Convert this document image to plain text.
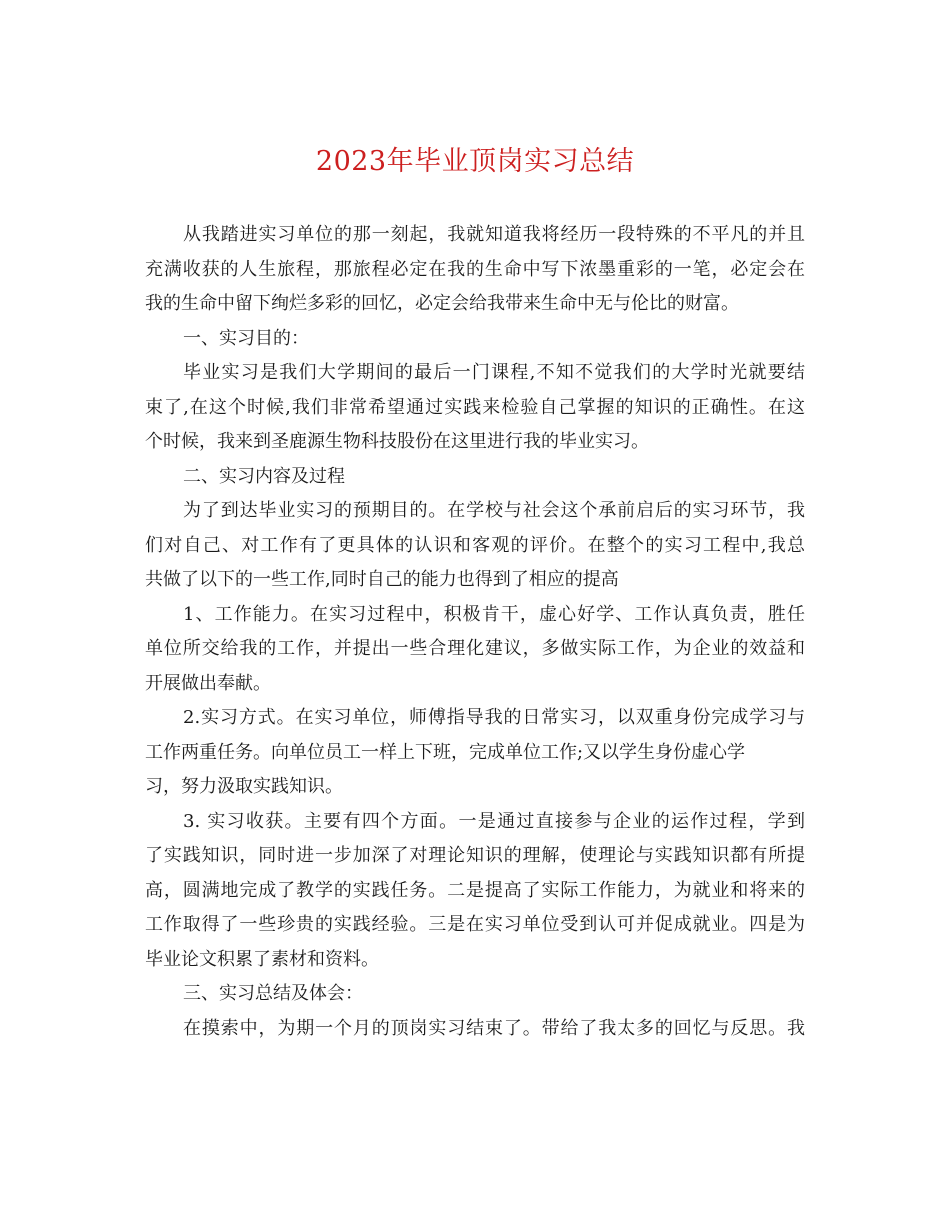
2023年毕业顶岗实习总结
从我踏进实习单位的那一刻起，我就知道我将经历一段特殊的不平凡的并且
充满收获的人生旅程，那旅程必定在我的生命中写下浓墨重彩的一笔，必定会在
我的生命中留下绚烂多彩的回忆，必定会给我带来生命中无与伦比的财富。
一、实习目的：
毕业实习是我们大学期间的最后一门课程,不知不觉我们的大学时光就要结
束了,在这个时候,我们非常希望通过实践来检验自己掌握的知识的正确性。在这
个时候，我来到圣鹿源生物科技股份在这里进行我的毕业实习。
二、实习内容及过程
为了到达毕业实习的预期目的。在学校与社会这个承前启后的实习环节，我
们对自己、对工作有了更具体的认识和客观的评价。在整个的实习工程中,我总
共做了以下的一些工作,同时自己的能力也得到了相应的提高
1、工作能力。在实习过程中，积极肯干，虚心好学、工作认真负责，胜任
单位所交给我的工作，并提出一些合理化建议，多做实际工作，为企业的效益和
开展做出奉献。
2.实习方式。在实习单位，师傅指导我的日常实习，以双重身份完成学习与
工作两重任务。向单位员工一样上下班，完成单位工作;又以学生身份虚心学
习，努力汲取实践知识。
3. 实习收获。主要有四个方面。一是通过直接参与企业的运作过程，学到
了实践知识，同时进一步加深了对理论知识的理解，使理论与实践知识都有所提
高，圆满地完成了教学的实践任务。二是提高了实际工作能力，为就业和将来的
工作取得了一些珍贵的实践经验。三是在实习单位受到认可并促成就业。四是为
毕业论文积累了素材和资料。
三、实习总结及体会：
在摸索中，为期一个月的顶岗实习结束了。带给了我太多的回忆与反思。我
